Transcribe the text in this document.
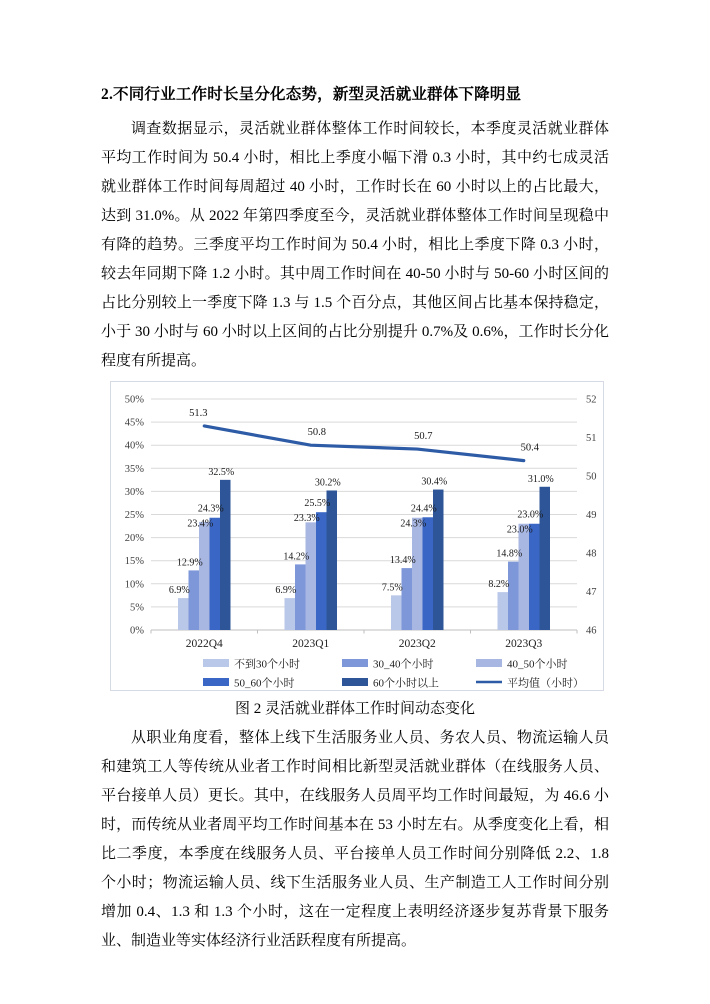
2.不同行业工作时长呈分化态势，新型灵活就业群体下降明显

调查数据显示，灵活就业群体整体工作时间较长，本季度灵活就业群体平均工作时间为 50.4 小时，相比上季度小幅下滑 0.3 小时，其中约七成灵活就业群体工作时间每周超过 40 小时，工作时长在 60 小时以上的占比最大，达到 31.0%。从 2022 年第四季度至今，灵活就业群体整体工作时间呈现稳中有降的趋势。三季度平均工作时间为 50.4 小时，相比上季度下降 0.3 小时，较去年同期下降 1.2 小时。其中周工作时间在 40-50 小时与 50-60 小时区间的占比分别较上一季度下降 1.3 与 1.5 个百分点，其他区间占比基本保持稳定，小于 30 小时与 60 小时以上区间的占比分别提升 0.7%及 0.6%，工作时长分化程度有所提高。

0%
5%
10%
15%
20%
25%
30%
35%
40%
45%
50%
46
47
48
49
50
51
52
2022Q4	2023Q1	2023Q2	2023Q3
6.9%
12.9%
23.4%
24.3%
32.5%
6.9%
14.2%
23.3%
25.5%
30.2%
7.5%
13.4%
24.3%
24.4%
30.4%
8.2%
14.8%
23.0%
23.0%
31.0%
51.3
50.8	50.7
50.4
不到30个小时	30_40个小时	40_50个小时
50_60个小时	60个小时以上	平均值（小时）
图 2 灵活就业群体工作时间动态变化

从职业角度看，整体上线下生活服务业人员、务农人员、物流运输人员和建筑工人等传统从业者工作时间相比新型灵活就业群体（在线服务人员、平台接单人员）更长。其中，在线服务人员周平均工作时间最短，为 46.6 小时，而传统从业者周平均工作时间基本在 53 小时左右。从季度变化上看，相比二季度，本季度在线服务人员、平台接单人员工作时间分别降低 2.2、1.8 个小时；物流运输人员、线下生活服务业人员、生产制造工人工作时间分别增加 0.4、1.3 和 1.3 个小时，这在一定程度上表明经济逐步复苏背景下服务业、制造业等实体经济行业活跃程度有所提高。
